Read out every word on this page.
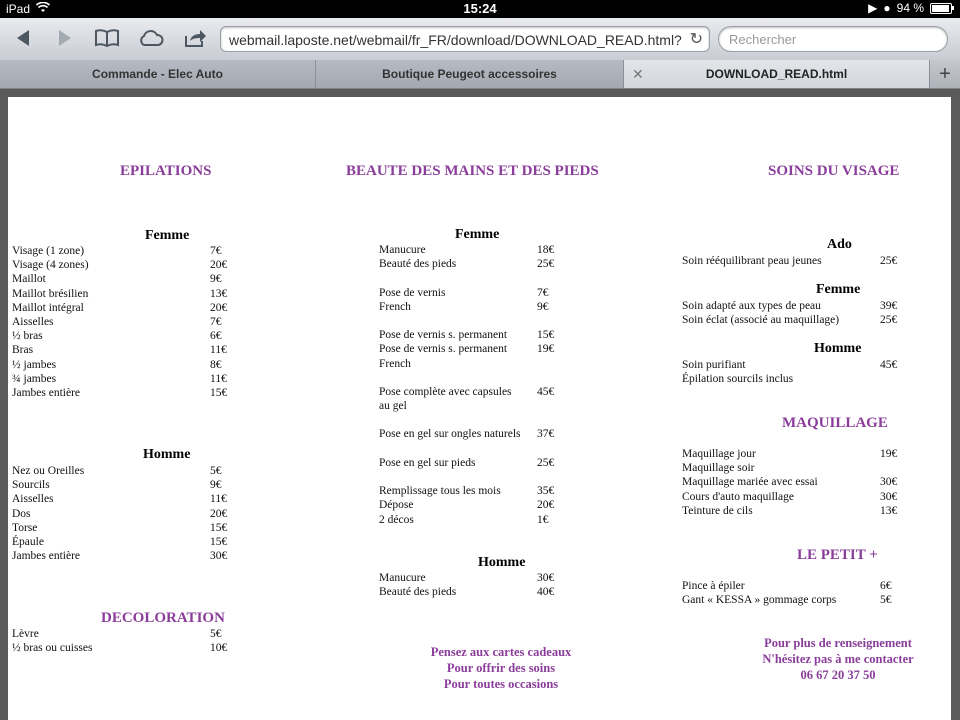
iPad	15:24	▶ ● 94 %
webmail.laposte.net/webmail/fr_FR/download/DOWNLOAD_READ.html? ↻	Rechercher
Commande - Elec Auto	Boutique Peugeot accessoires	✕	DOWNLOAD_READ.html	+
EPILATIONS
Femme
Visage (1 zone)	7€
Visage (4 zones)	20€
Maillot	9€
Maillot brésilien	13€
Maillot intégral	20€
Aisselles	7€
½ bras	6€
Bras	11€
½ jambes	8€
¾ jambes	11€
Jambes entière	15€
Homme
Nez ou Oreilles	5€
Sourcils	9€
Aisselles	11€
Dos	20€
Torse	15€
Épaule	15€
Jambes entière	30€
DECOLORATION
Lèvre	5€
½ bras ou cuisses	10€
BEAUTE DES MAINS ET DES PIEDS
Femme
Manucure	18€
Beauté des pieds	25€
Pose de vernis	7€
French	9€
Pose de vernis s. permanent	15€
Pose de vernis s. permanent	19€
French
Pose complète avec capsules 45€
au gel
Pose en gel sur ongles naturels 37€
Pose en gel sur pieds	25€
Remplissage tous les mois	35€
Dépose	20€
2 décos	1€
Homme
Manucure	30€
Beauté des pieds	40€
Pensez aux cartes cadeaux
Pour offrir des soins
Pour toutes occasions
SOINS DU VISAGE
Ado
Soin rééquilibrant peau jeunes	25€
Femme
Soin adapté aux types de peau	39€
Soin éclat (associé au maquillage)	25€
Homme
Soin purifiant	45€
Épilation sourcils inclus
MAQUILLAGE
Maquillage jour	19€
Maquillage soir
Maquillage mariée avec essai	30€
Cours d'auto maquillage	30€
Teinture de cils	13€
LE PETIT +
Pince à épiler	6€
Gant « KESSA » gommage corps	5€
Pour plus de renseignement
N'hésitez pas à me contacter
06 67 20 37 50
